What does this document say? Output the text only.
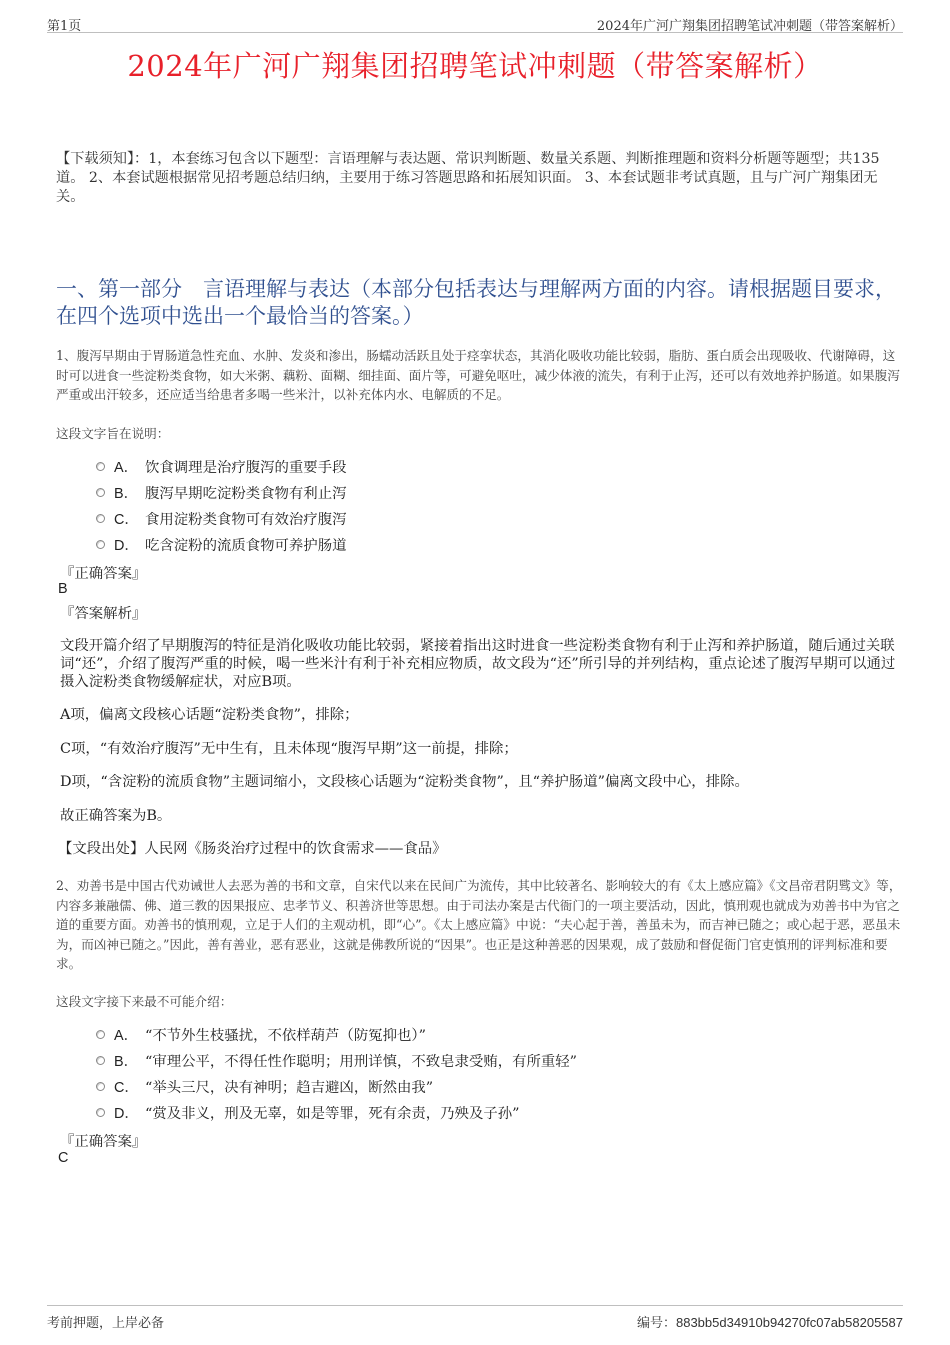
第1页	2024年广河广翔集团招聘笔试冲刺题（带答案解析）
2024年广河广翔集团招聘笔试冲刺题（带答案解析）
【下载须知】：1，本套练习包含以下题型：言语理解与表达题、常识判断题、数量关系题、判断推理题和资料分析题等题型；共135道。 2、本套试题根据常见招考题总结归纳，主要用于练习答题思路和拓展知识面。 3、本套试题非考试真题，且与广河广翔集团无关。
一、第一部分　言语理解与表达（本部分包括表达与理解两方面的内容。请根据题目要求，在四个选项中选出一个最恰当的答案。）
1、腹泻早期由于胃肠道急性充血、水肿、发炎和渗出，肠蠕动活跃且处于痉挛状态，其消化吸收功能比较弱，脂肪、蛋白质会出现吸收、代谢障碍，这时可以进食一些淀粉类食物，如大米粥、藕粉、面糊、细挂面、面片等，可避免呕吐，减少体液的流失，有利于止泻，还可以有效地养护肠道。如果腹泻严重或出汗较多，还应适当给患者多喝一些米汁，以补充体内水、电解质的不足。
这段文字旨在说明：
A． 饮食调理是治疗腹泻的重要手段
B． 腹泻早期吃淀粉类食物有利止泻
C． 食用淀粉类食物可有效治疗腹泻
D． 吃含淀粉的流质食物可养护肠道
『正确答案』
B
『答案解析』
文段开篇介绍了早期腹泻的特征是消化吸收功能比较弱，紧接着指出这时进食一些淀粉类食物有利于止泻和养护肠道，随后通过关联词“还”，介绍了腹泻严重的时候，喝一些米汁有利于补充相应物质，故文段为“还”所引导的并列结构，重点论述了腹泻早期可以通过摄入淀粉类食物缓解症状，对应B项。
A项，偏离文段核心话题“淀粉类食物”，排除；
C项，“有效治疗腹泻”无中生有，且未体现“腹泻早期”这一前提，排除；
D项，“含淀粉的流质食物”主题词缩小，文段核心话题为“淀粉类食物”，且“养护肠道”偏离文段中心，排除。
故正确答案为B。
【文段出处】人民网《肠炎治疗过程中的饮食需求——食品》
2、劝善书是中国古代劝诫世人去恶为善的书和文章，自宋代以来在民间广为流传，其中比较著名、影响较大的有《太上感应篇》《文昌帝君阴骘文》等，内容多兼融儒、佛、道三教的因果报应、忠孝节义、积善济世等思想。由于司法办案是古代衙门的一项主要活动，因此，慎刑观也就成为劝善书中为官之道的重要方面。劝善书的慎刑观，立足于人们的主观动机，即“心”。《太上感应篇》中说：“夫心起于善，善虽未为，而吉神已随之；或心起于恶，恶虽未为，而凶神已随之。”因此，善有善业，恶有恶业，这就是佛教所说的“因果”。也正是这种善恶的因果观，成了鼓励和督促衙门官吏慎刑的评判标准和要求。
这段文字接下来最不可能介绍：
A． “不节外生枝骚扰，不依样葫芦（防冤抑也）”
B． “审理公平，不得任性作聪明；用刑详慎，不致皂隶受贿，有所重轻”
C． “举头三尺，决有神明；趋吉避凶，断然由我”
D． “赏及非义，刑及无辜，如是等罪，死有余责，乃殃及子孙”
『正确答案』
C
考前押题，上岸必备	编号：883bb5d34910b94270fc07ab58205587
